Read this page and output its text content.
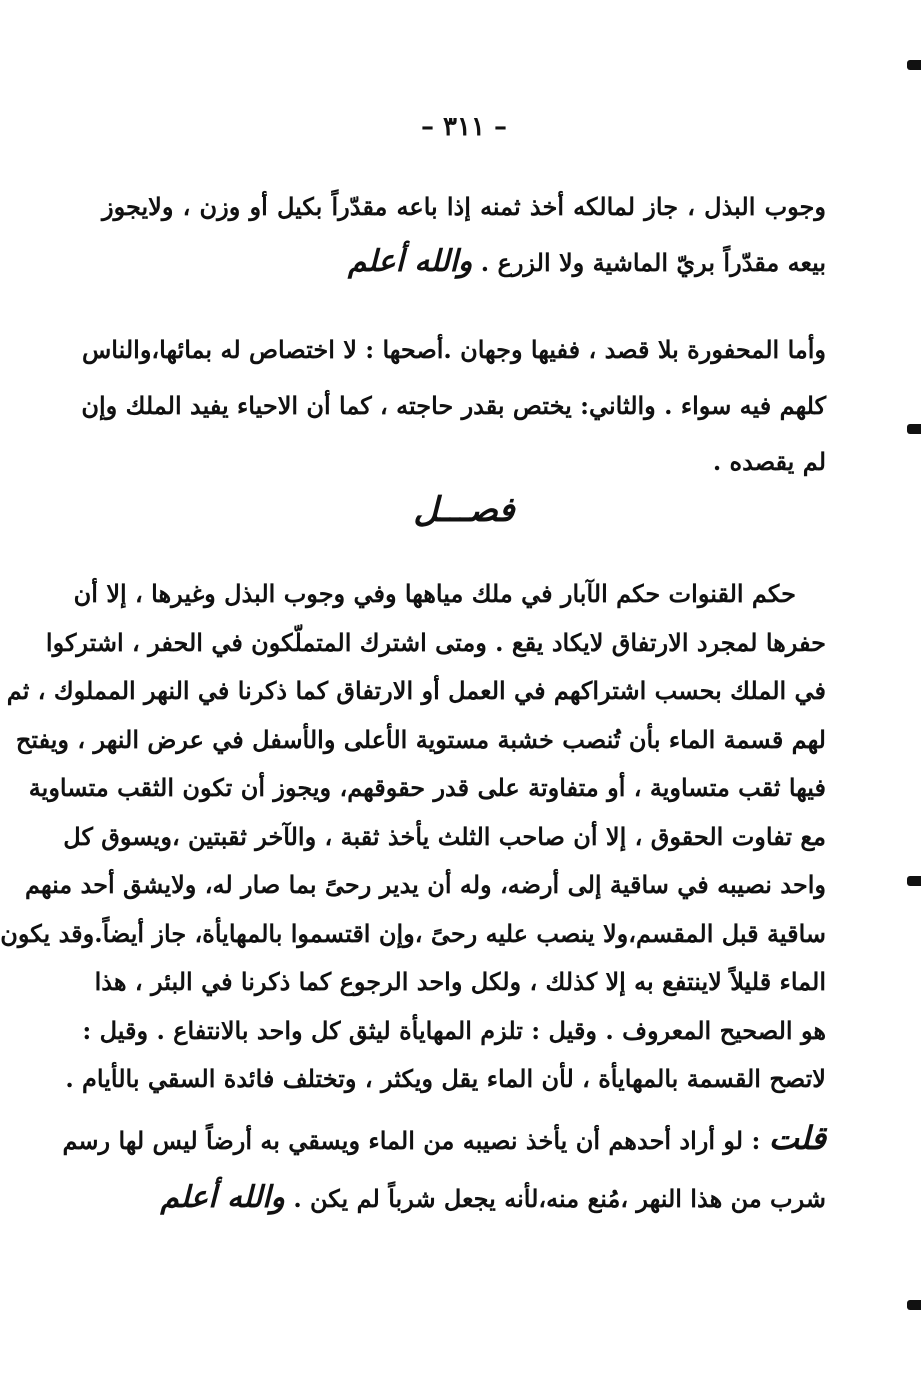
– ٣١١ –
وجوب البذل ، جاز لمالكه أخذ ثمنه إذا باعه مقدّراً بكيل أو وزن ، ولايجوز
بيعه مقدّراً بريّ الماشية ولا الزرع . والله أعلم
وأما المحفورة بلا قصد ، ففيها وجهان .أصحها : لا اختصاص له بمائها،والناس
كلهم فيه سواء . والثاني: يختص بقدر حاجته ، كما أن الاحياء يفيد الملك وإن
لم يقصده .
فصـــل
حكم القنوات حكم الآبار في ملك مياهها وفي وجوب البذل وغيرها ، إلا أن
حفرها لمجرد الارتفاق لايكاد يقع . ومتى اشترك المتملّكون في الحفر ، اشتركوا
في الملك بحسب اشتراكهم في العمل أو الارتفاق كما ذكرنا في النهر المملوك ، ثم
لهم قسمة الماء بأن تُنصب خشبة مستوية الأعلى والأسفل في عرض النهر ، ويفتح
فيها ثقب متساوية ، أو متفاوتة على قدر حقوقهم، ويجوز أن تكون الثقب متساوية
مع تفاوت الحقوق ، إلا أن صاحب الثلث يأخذ ثقبة ، والآخر ثقبتين ،ويسوق كل
واحد نصيبه في ساقية إلى أرضه، وله أن يدير رحىً بما صار له، ولايشق أحد منهم
ساقية قبل المقسم،ولا ينصب عليه رحىً ،وإن اقتسموا بالمهايأة، جاز أيضاً.وقد يكون
الماء قليلاً لاينتفع به إلا كذلك ، ولكل واحد الرجوع كما ذكرنا في البئر ، هذا
هو الصحيح المعروف . وقيل : تلزم المهايأة ليثق كل واحد بالانتفاع . وقيل :
لاتصح القسمة بالمهايأة ، لأن الماء يقل ويكثر ، وتختلف فائدة السقي بالأيام .
قلت : لو أراد أحدهم أن يأخذ نصيبه من الماء ويسقي به أرضاً ليس لها رسم
شرب من هذا النهر ،مُنع منه،لأنه يجعل شرباً لم يكن . والله أعلم
